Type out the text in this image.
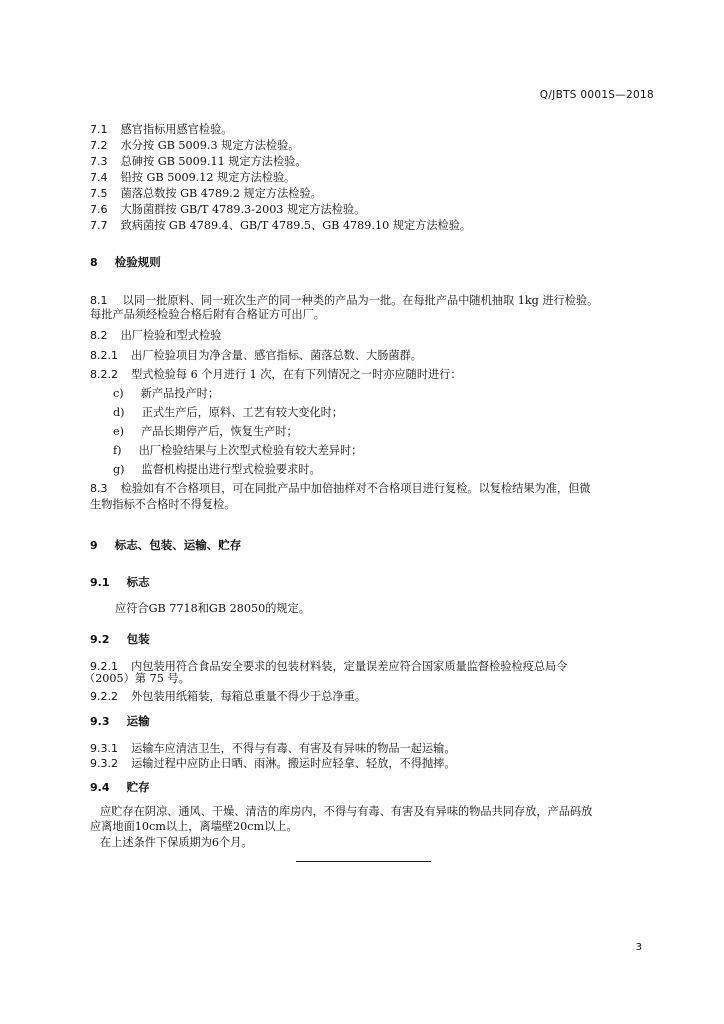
Q/JBTS 0001S—2018
7.1 感官指标用感官检验。
7.2 水分按 GB 5009.3 规定方法检验。
7.3 总砷按 GB 5009.11 规定方法检验。
7.4 铅按 GB 5009.12 规定方法检验。
7.5 菌落总数按 GB 4789.2 规定方法检验。
7.6 大肠菌群按 GB/T 4789.3-2003 规定方法检验。
7.7 致病菌按 GB 4789.4、GB/T 4789.5、GB 4789.10 规定方法检验。
8 检验规则
8.1 以同一批原料、同一班次生产的同一种类的产品为一批。在每批产品中随机抽取 1kg 进行检验。
每批产品须经检验合格后附有合格证方可出厂。
8.2 出厂检验和型式检验
8.2.1 出厂检验项目为净含量、感官指标、菌落总数、大肠菌群。
8.2.2 型式检验每 6 个月进行 1 次，在有下列情况之一时亦应随时进行：
c) 新产品投产时；
d) 正式生产后，原料、工艺有较大变化时；
e) 产品长期停产后，恢复生产时；
f) 出厂检验结果与上次型式检验有较大差异时；
g) 监督机构提出进行型式检验要求时。
8.3 检验如有不合格项目，可在同批产品中加倍抽样对不合格项目进行复检。以复检结果为准，但微
生物指标不合格时不得复检。
9 标志、包装、运输、贮存
9.1 标志
应符合GB 7718和GB 28050的规定。
9.2 包装
9.2.1 内包装用符合食品安全要求的包装材料装，定量误差应符合国家质量监督检验检疫总局令
（2005）第 75 号。
9.2.2 外包装用纸箱装，每箱总重量不得少于总净重。
9.3 运输
9.3.1 运输车应清洁卫生，不得与有毒、有害及有异味的物品一起运输。
9.3.2 运输过程中应防止日晒、雨淋。搬运时应轻拿、轻放，不得抛摔。
9.4 贮存
应贮存在阴凉、通风、干燥、清洁的库房内，不得与有毒、有害及有异味的物品共同存放，产品码放
应离地面10cm以上，离墙壁20cm以上。
在上述条件下保质期为6个月。
3
